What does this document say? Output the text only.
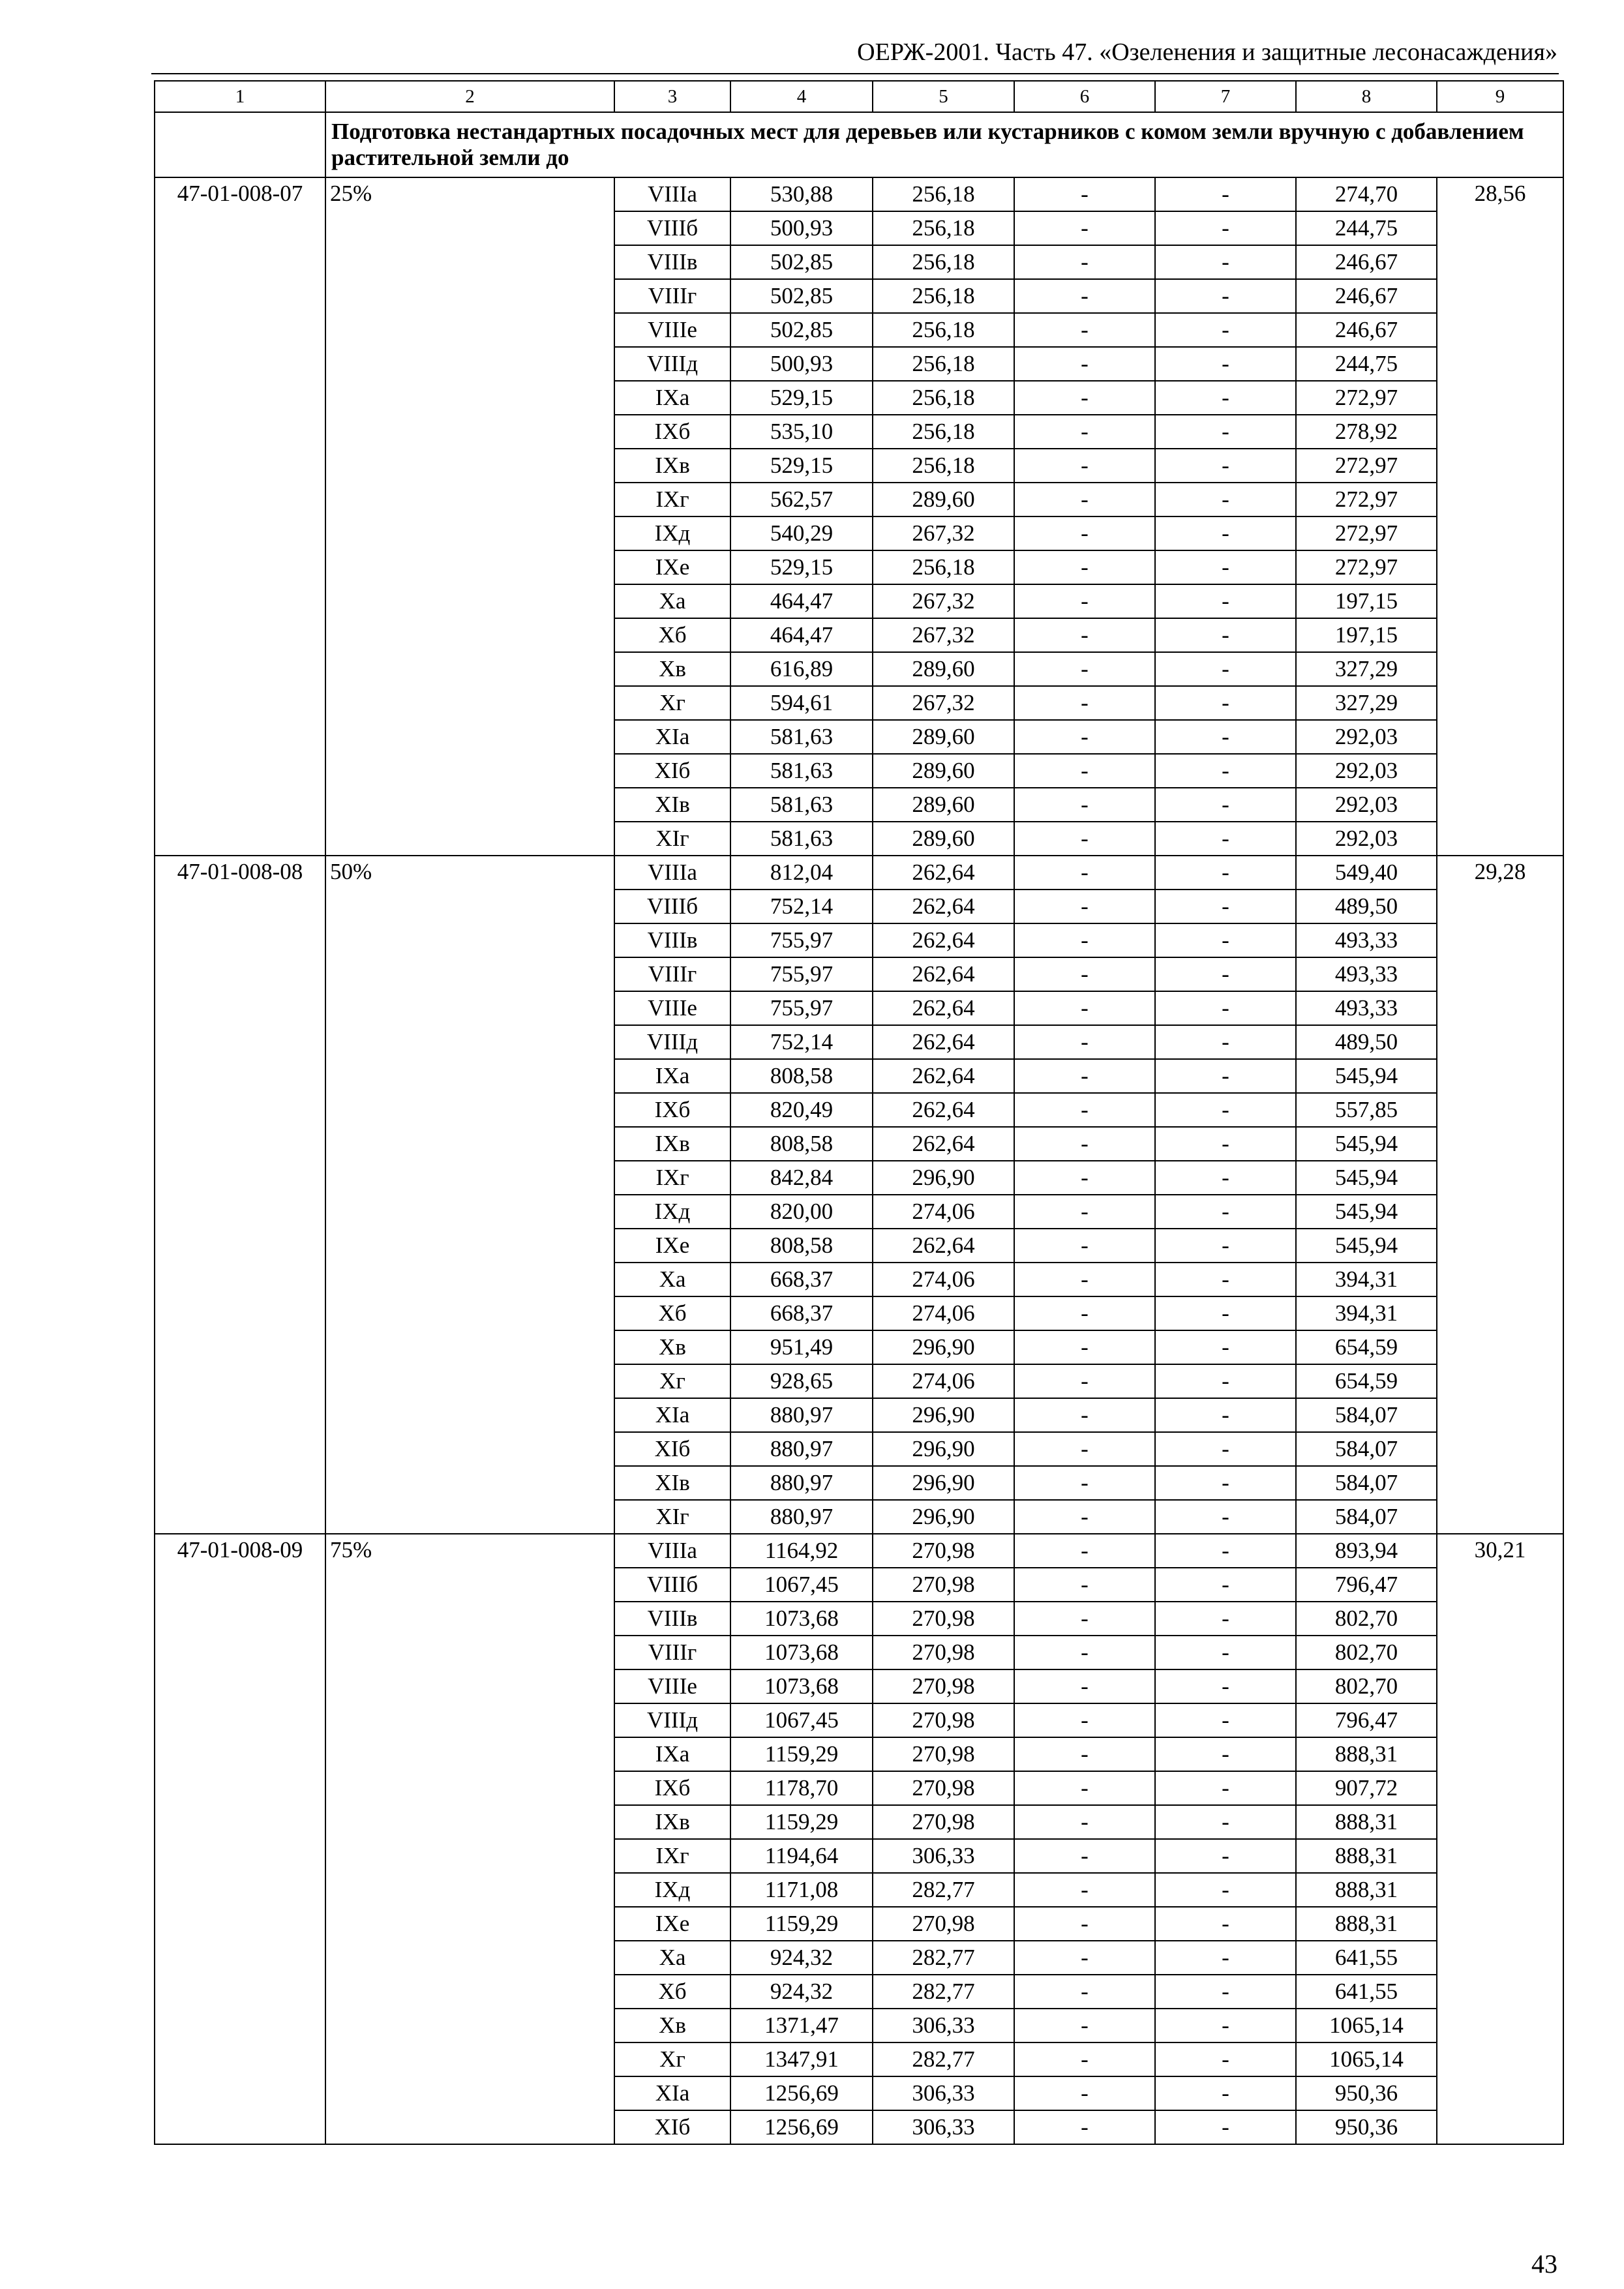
ОЕРЖ-2001. Часть 47. «Озеленения и защитные лесонасаждения»
1	2	3	4	5	6	7	8	9
	Подготовка нестандартных посадочных мест для деревьев или кустарников с комом земли вручную с добавлением растительной земли до							
47-01-008-07	25%	VIIIа	530,88	256,18	-	-	274,70	28,56
		VIIIб	500,93	256,18	-	-	244,75	
		VIIIв	502,85	256,18	-	-	246,67	
		VIIIг	502,85	256,18	-	-	246,67	
		VIIIе	502,85	256,18	-	-	246,67	
		VIIIд	500,93	256,18	-	-	244,75	
		IXа	529,15	256,18	-	-	272,97	
		IXб	535,10	256,18	-	-	278,92	
		IXв	529,15	256,18	-	-	272,97	
		IXг	562,57	289,60	-	-	272,97	
		IXд	540,29	267,32	-	-	272,97	
		IXе	529,15	256,18	-	-	272,97	
		Xа	464,47	267,32	-	-	197,15	
		Xб	464,47	267,32	-	-	197,15	
		Xв	616,89	289,60	-	-	327,29	
		Xг	594,61	267,32	-	-	327,29	
		XIа	581,63	289,60	-	-	292,03	
		XIб	581,63	289,60	-	-	292,03	
		XIв	581,63	289,60	-	-	292,03	
		XIг	581,63	289,60	-	-	292,03	
47-01-008-08	50%	VIIIа	812,04	262,64	-	-	549,40	29,28
		VIIIб	752,14	262,64	-	-	489,50	
		VIIIв	755,97	262,64	-	-	493,33	
		VIIIг	755,97	262,64	-	-	493,33	
		VIIIе	755,97	262,64	-	-	493,33	
		VIIIд	752,14	262,64	-	-	489,50	
		IXа	808,58	262,64	-	-	545,94	
		IXб	820,49	262,64	-	-	557,85	
		IXв	808,58	262,64	-	-	545,94	
		IXг	842,84	296,90	-	-	545,94	
		IXд	820,00	274,06	-	-	545,94	
		IXе	808,58	262,64	-	-	545,94	
		Xа	668,37	274,06	-	-	394,31	
		Xб	668,37	274,06	-	-	394,31	
		Xв	951,49	296,90	-	-	654,59	
		Xг	928,65	274,06	-	-	654,59	
		XIа	880,97	296,90	-	-	584,07	
		XIб	880,97	296,90	-	-	584,07	
		XIв	880,97	296,90	-	-	584,07	
		XIг	880,97	296,90	-	-	584,07	
47-01-008-09	75%	VIIIа	1164,92	270,98	-	-	893,94	30,21
		VIIIб	1067,45	270,98	-	-	796,47	
		VIIIв	1073,68	270,98	-	-	802,70	
		VIIIг	1073,68	270,98	-	-	802,70	
		VIIIе	1073,68	270,98	-	-	802,70	
		VIIIд	1067,45	270,98	-	-	796,47	
		IXа	1159,29	270,98	-	-	888,31	
		IXб	1178,70	270,98	-	-	907,72	
		IXв	1159,29	270,98	-	-	888,31	
		IXг	1194,64	306,33	-	-	888,31	
		IXд	1171,08	282,77	-	-	888,31	
		IXе	1159,29	270,98	-	-	888,31	
		Xа	924,32	282,77	-	-	641,55	
		Xб	924,32	282,77	-	-	641,55	
		Xв	1371,47	306,33	-	-	1065,14	
		Xг	1347,91	282,77	-	-	1065,14	
		XIа	1256,69	306,33	-	-	950,36	
		XIб	1256,69	306,33	-	-	950,36	
43
